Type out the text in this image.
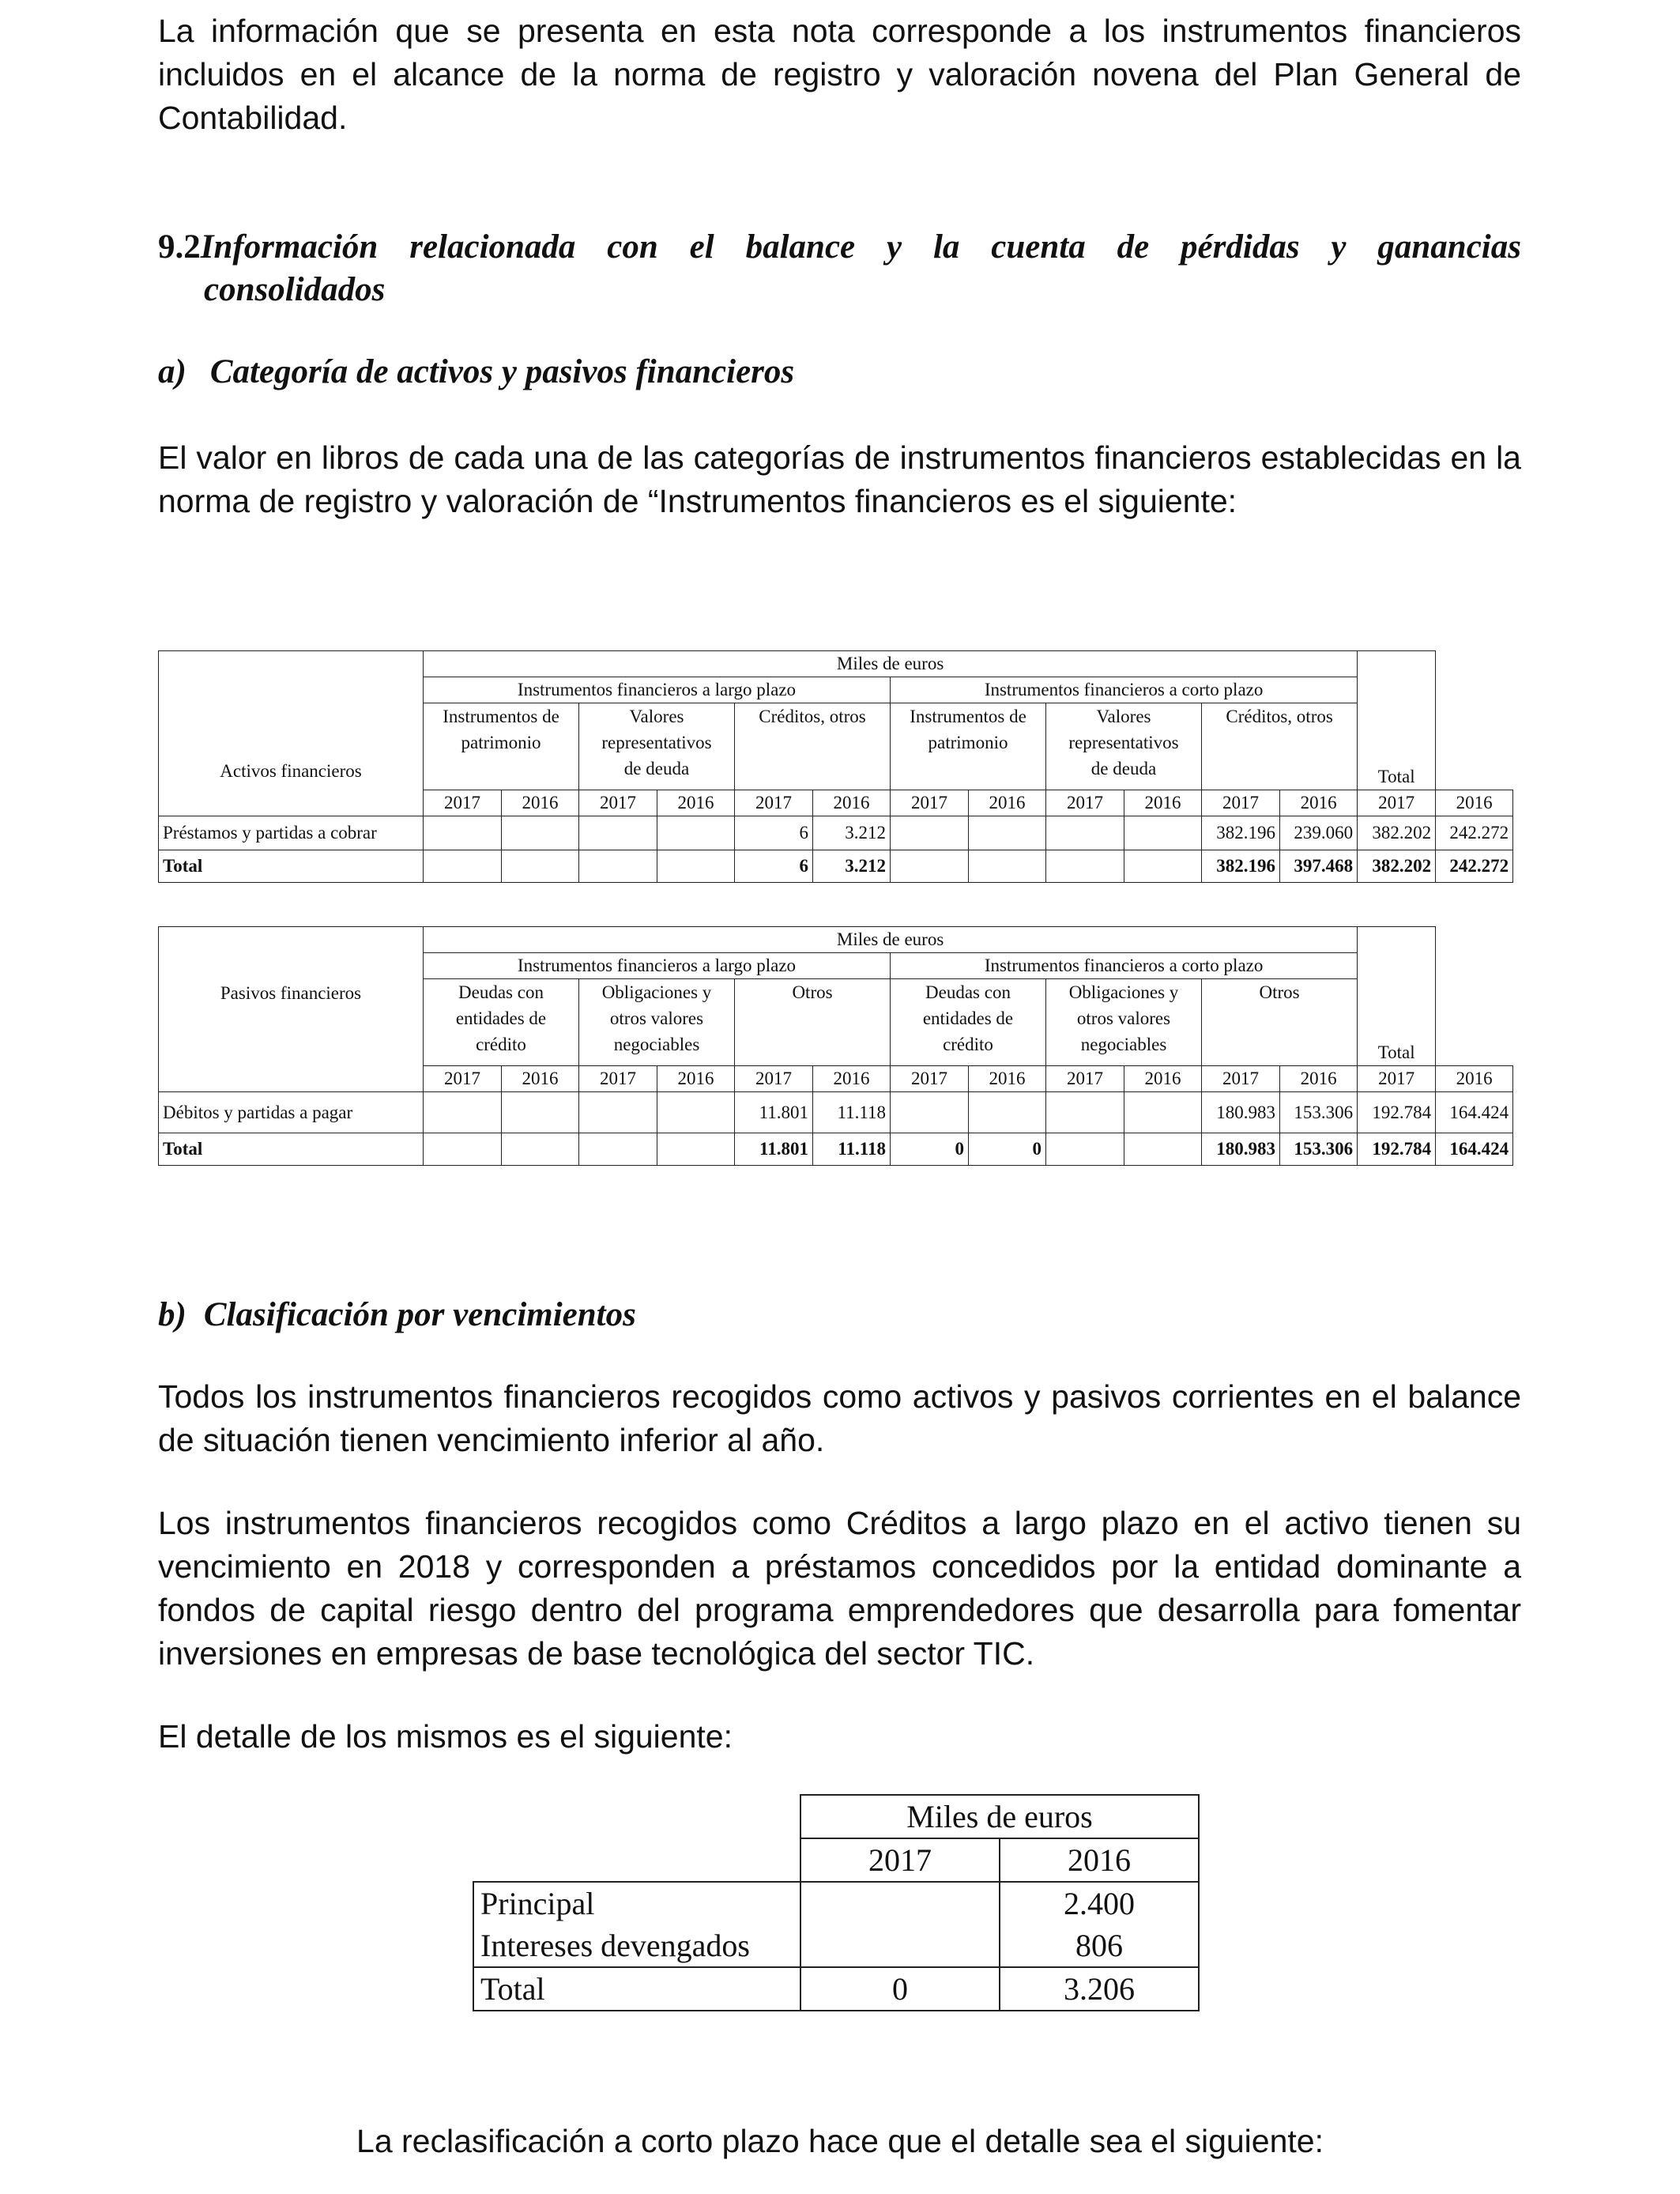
La información que se presenta en esta nota corresponde a los instrumentos financieros incluidos en el alcance de la norma de registro y valoración novena del Plan General de Contabilidad.

9.2Información relacionada con el balance y la cuenta de pérdidas y ganancias
consolidados
a) Categoría de activos y pasivos financieros

El valor en libros de cada una de las categorías de instrumentos financieros establecidas en la norma de registro y valoración de “Instrumentos financieros es el siguiente:

Activos financieros	Miles de euros												Total	
	Instrumentos financieros a largo plazo						Instrumentos financieros a corto plazo							
	Instrumentos de
patrimonio		Valores
representativos
de deuda		Créditos, otros		Instrumentos de
patrimonio		Valores
representativos
de deuda		Créditos, otros			
	2017	2016	2017	2016	2017	2016	2017	2016	2017	2016	2017	2016	2017	2016
Préstamos y partidas a cobrar					6	3.212					382.196	239.060	382.202	242.272
Total					6	3.212					382.196	397.468	382.202	242.272
Pasivos financieros	Miles de euros												Total	
	Instrumentos financieros a largo plazo						Instrumentos financieros a corto plazo							
	Deudas con
entidades de
crédito		Obligaciones y
otros valores
negociables		Otros		Deudas con
entidades de
crédito		Obligaciones y
otros valores
negociables		Otros			
	2017	2016	2017	2016	2017	2016	2017	2016	2017	2016	2017	2016	2017	2016
Débitos y partidas a pagar					11.801	11.118					180.983	153.306	192.784	164.424
Total					11.801	11.118	0	0			180.983	153.306	192.784	164.424
b) Clasificación por vencimientos

Todos los instrumentos financieros recogidos como activos y pasivos corrientes en el balance de situación tienen vencimiento inferior al año.

Los instrumentos financieros recogidos como Créditos a largo plazo en el activo tienen su vencimiento en 2018 y corresponden a préstamos concedidos por la entidad dominante a fondos de capital riesgo dentro del programa emprendedores que desarrolla para fomentar inversiones en empresas de base tecnológica del sector TIC.

El detalle de los mismos es el siguiente:

	Miles de euros	
	2017	2016
Principal		2.400
Intereses devengados		806
Total	0	3.206

La reclasificación a corto plazo hace que el detalle sea el siguiente:
